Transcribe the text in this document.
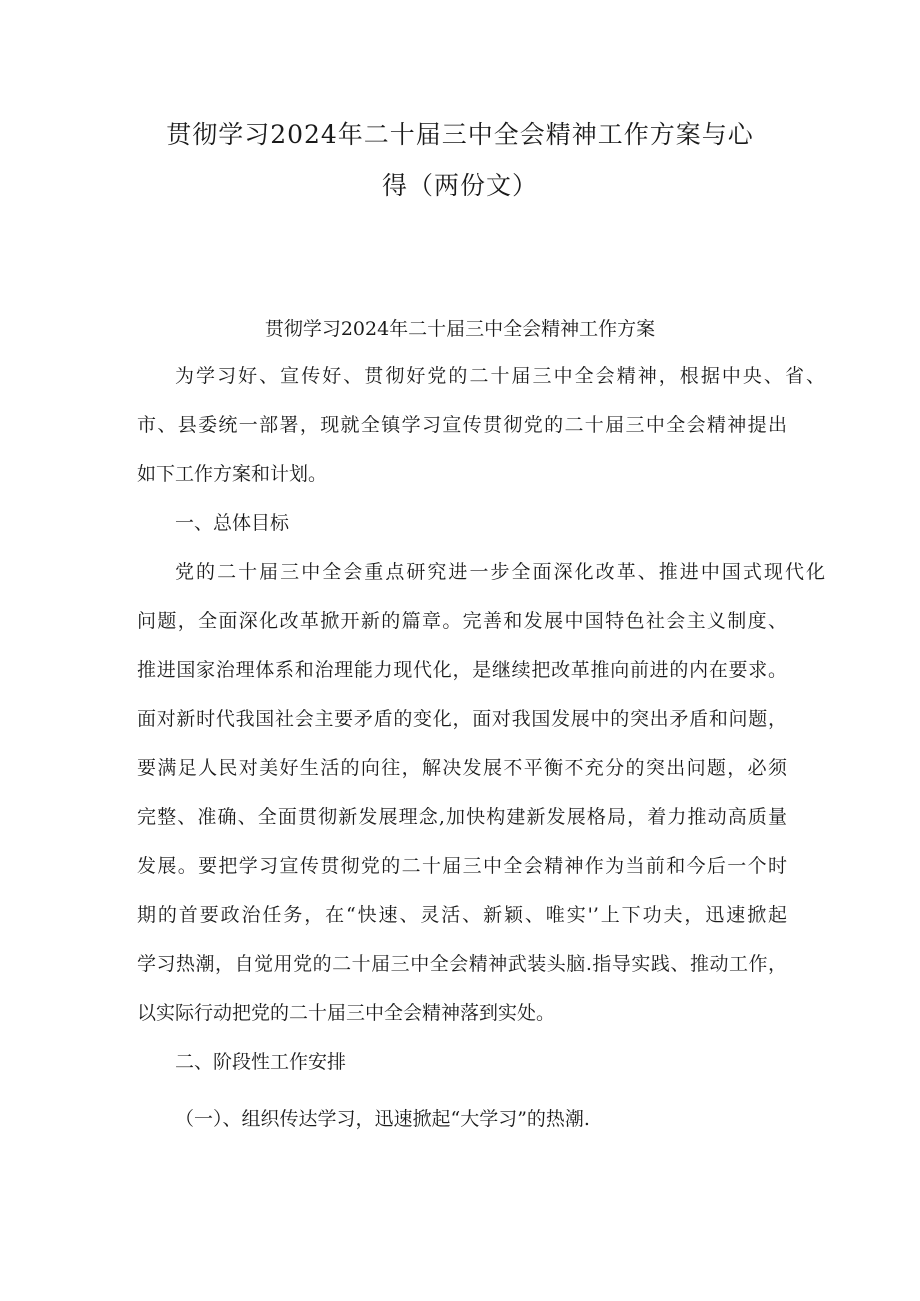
贯彻学习2024年二十届三中全会精神工作方案与心
得（两份文）
贯彻学习2024年二十届三中全会精神工作方案
为学习好、宣传好、贯彻好党的二十届三中全会精神，根据中央、省、
市、县委统一部署，现就全镇学习宣传贯彻党的二十届三中全会精神提出
如下工作方案和计划。
一、总体目标
党的二十届三中全会重点研究进一步全面深化改革、推进中国式现代化
问题，全面深化改革掀开新的篇章。完善和发展中国特色社会主义制度、
推进国家治理体系和治理能力现代化，是继续把改革推向前进的内在要求。
面对新时代我国社会主要矛盾的变化，面对我国发展中的突出矛盾和问题，
要满足人民对美好生活的向往，解决发展不平衡不充分的突出问题，必须
完整、准确、全面贯彻新发展理念,加快构建新发展格局，着力推动高质量
发展。要把学习宣传贯彻党的二十届三中全会精神作为当前和今后一个时
期的首要政治任务，在“快速、灵活、新颖、唯实'’上下功夫，迅速掀起
学习热潮，自觉用党的二十届三中全会精神武装头脑.指导实践、推动工作，
以实际行动把党的二十届三中全会精神落到实处。
二、阶段性工作安排
（一）、组织传达学习，迅速掀起“大学习”的热潮.
